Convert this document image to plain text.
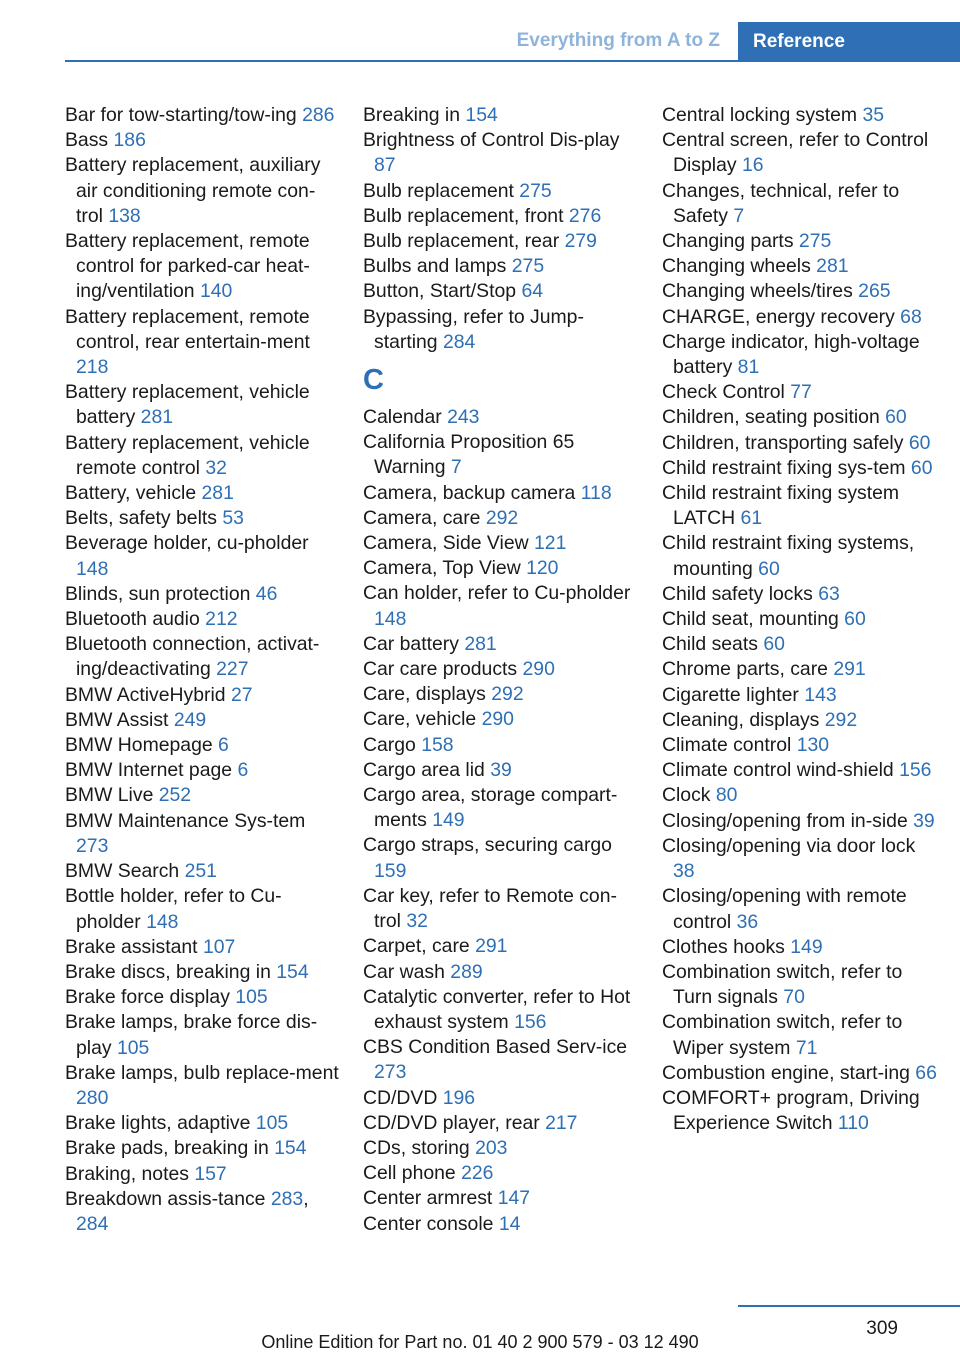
Everything from A to Z	Reference
Bar for tow-starting/tow-ing 286
Bass 186
Battery replacement, auxiliary air conditioning remote con-trol 138
Battery replacement, remote control for parked-car heat-ing/ventilation 140
Battery replacement, remote control, rear entertain-ment 218
Battery replacement, vehicle battery 281
Battery replacement, vehicle remote control 32
Battery, vehicle 281
Belts, safety belts 53
Beverage holder, cu-pholder 148
Blinds, sun protection 46
Bluetooth audio 212
Bluetooth connection, activat-ing/deactivating 227
BMW ActiveHybrid 27
BMW Assist 249
BMW Homepage 6
BMW Internet page 6
BMW Live 252
BMW Maintenance Sys-tem 273
BMW Search 251
Bottle holder, refer to Cu-pholder 148
Brake assistant 107
Brake discs, breaking in 154
Brake force display 105
Brake lamps, brake force dis-play 105
Brake lamps, bulb replace-ment 280
Brake lights, adaptive 105
Brake pads, breaking in 154
Braking, notes 157
Breakdown assis-tance 283, 284
Breaking in 154
Brightness of Control Dis-play 87
Bulb replacement 275
Bulb replacement, front 276
Bulb replacement, rear 279
Bulbs and lamps 275
Button, Start/Stop 64
Bypassing, refer to Jump-starting 284
C
Calendar 243
California Proposition 65 Warning 7
Camera, backup camera 118
Camera, care 292
Camera, Side View 121
Camera, Top View 120
Can holder, refer to Cu-pholder 148
Car battery 281
Car care products 290
Care, displays 292
Care, vehicle 290
Cargo 158
Cargo area lid 39
Cargo area, storage compart-ments 149
Cargo straps, securing cargo 159
Car key, refer to Remote con-trol 32
Carpet, care 291
Car wash 289
Catalytic converter, refer to Hot exhaust system 156
CBS Condition Based Serv-ice 273
CD/DVD 196
CD/DVD player, rear 217
CDs, storing 203
Cell phone 226
Center armrest 147
Center console 14
Central locking system 35
Central screen, refer to Control Display 16
Changes, technical, refer to Safety 7
Changing parts 275
Changing wheels 281
Changing wheels/tires 265
CHARGE, energy recovery 68
Charge indicator, high-voltage battery 81
Check Control 77
Children, seating position 60
Children, transporting safely 60
Child restraint fixing sys-tem 60
Child restraint fixing system LATCH 61
Child restraint fixing systems, mounting 60
Child safety locks 63
Child seat, mounting 60
Child seats 60
Chrome parts, care 291
Cigarette lighter 143
Cleaning, displays 292
Climate control 130
Climate control wind-shield 156
Clock 80
Closing/opening from in-side 39
Closing/opening via door lock 38
Closing/opening with remote control 36
Clothes hooks 149
Combination switch, refer to Turn signals 70
Combination switch, refer to Wiper system 71
Combustion engine, start-ing 66
COMFORT+ program, Driving Experience Switch 110
309
Online Edition for Part no. 01 40 2 900 579 - 03 12 490
